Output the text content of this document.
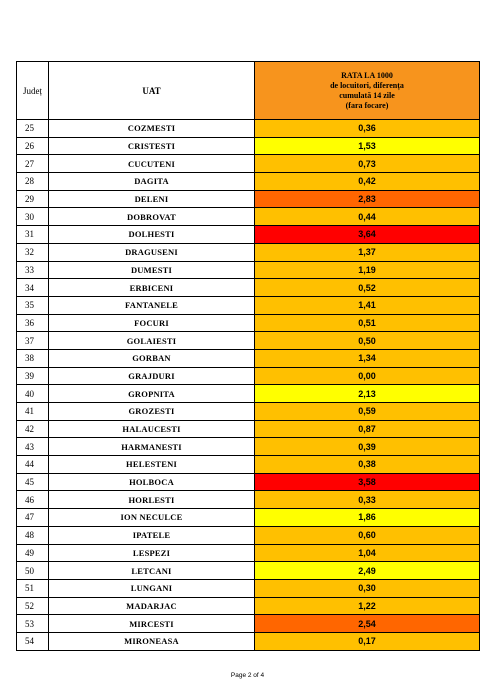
Județ	UAT	RATA LA 1000
de locuitori, diferența
cumulată 14 zile
(fara focare)

25	COZMESTI	0,36
26	CRISTESTI	1,53
27	CUCUTENI	0,73
28	DAGITA	0,42
29	DELENI	2,83
30	DOBROVAT	0,44
31	DOLHESTI	3,64
32	DRAGUSENI	1,37
33	DUMESTI	1,19
34	ERBICENI	0,52
35	FANTANELE	1,41
36	FOCURI	0,51
37	GOLAIESTI	0,50
38	GORBAN	1,34
39	GRAJDURI	0,00
40	GROPNITA	2,13
41	GROZESTI	0,59
42	HALAUCESTI	0,87
43	HARMANESTI	0,39
44	HELESTENI	0,38
45	HOLBOCA	3,58
46	HORLESTI	0,33
47	ION NECULCE	1,86
48	IPATELE	0,60
49	LESPEZI	1,04
50	LETCANI	2,49
51	LUNGANI	0,30
52	MADARJAC	1,22
53	MIRCESTI	2,54
54	MIRONEASA	0,17
Page 2 of 4
